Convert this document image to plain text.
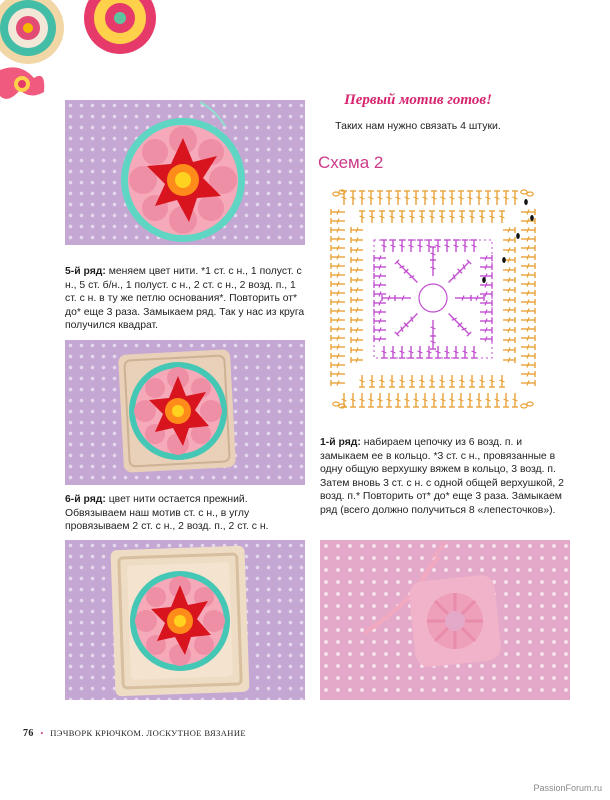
5-й ряд: меняем цвет нити. *1 ст. с н., 1 полуст. с н., 5 ст. б/н., 1 полуст. с н., 2 ст. с н., 2 возд. п., 1 ст. с н. в ту же петлю основания*. Повторить от* до* еще 3 раза. Замыкаем ряд. Так у нас из круга получился квадрат.
6-й ряд: цвет нити остается прежний. Обвязываем наш мотив ст. с н., в углу провязываем 2 ст. с н., 2 возд. п., 2 ст. с н.
Первый мотив готов!
Таких нам нужно связать 4 штуки.
Схема 2
1-й ряд: набираем цепочку из 6 возд. п. и замыкаем ее в кольцо. *3 ст. с н., провязанные в одну общую верхушку вяжем в кольцо, 3 возд. п. Затем вновь 3 ст. с н. с одной общей верхушкой, 2 возд. п.* Повторить от* до* еще 3 раза. Замыкаем ряд (всего должно получиться 8 «лепесточков»).
76 • ПЭЧВОРК КРЮЧКОМ. ЛОСКУТНОЕ ВЯЗАНИЕ
PassionForum.ru
